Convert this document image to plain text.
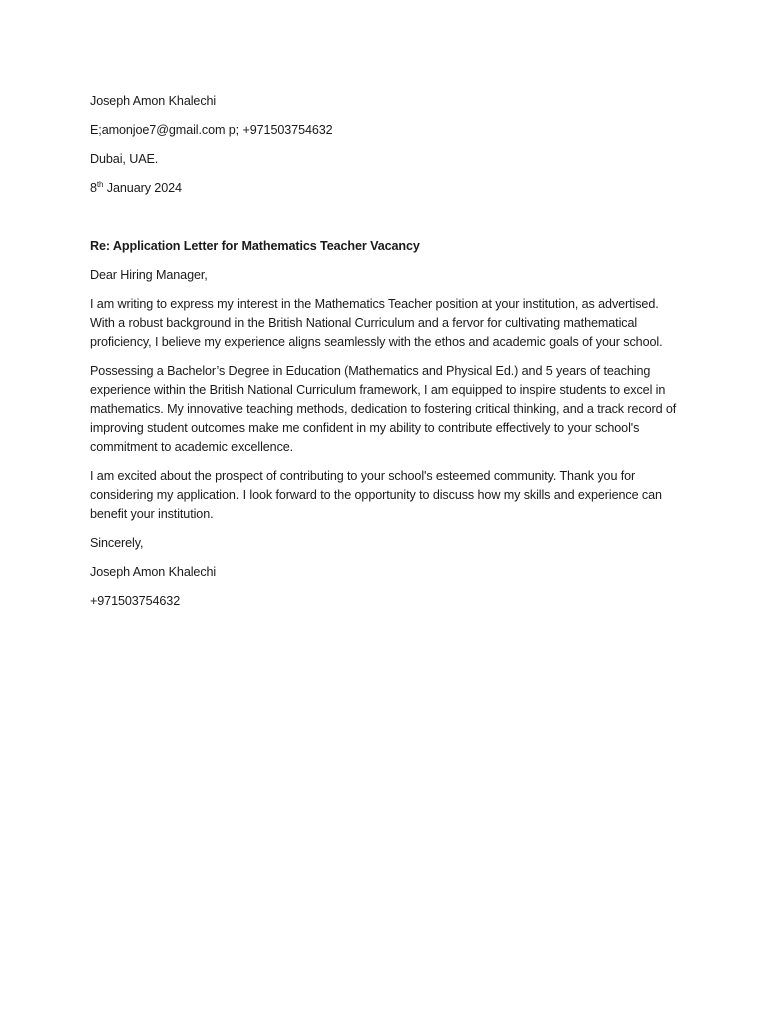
Joseph Amon Khalechi

E;amonjoe7@gmail.com p; +971503754632

Dubai, UAE.

8th January 2024

Re: Application Letter for Mathematics Teacher Vacancy

Dear Hiring Manager,

I am writing to express my interest in the Mathematics Teacher position at your institution, as advertised. With a robust background in the British National Curriculum and a fervor for cultivating mathematical proficiency, I believe my experience aligns seamlessly with the ethos and academic goals of your school.

Possessing a Bachelor’s Degree in Education (Mathematics and Physical Ed.) and 5 years of teaching experience within the British National Curriculum framework, I am equipped to inspire students to excel in mathematics. My innovative teaching methods, dedication to fostering critical thinking, and a track record of improving student outcomes make me confident in my ability to contribute effectively to your school's commitment to academic excellence.

I am excited about the prospect of contributing to your school's esteemed community. Thank you for considering my application. I look forward to the opportunity to discuss how my skills and experience can benefit your institution.

Sincerely,

Joseph Amon Khalechi

+971503754632
